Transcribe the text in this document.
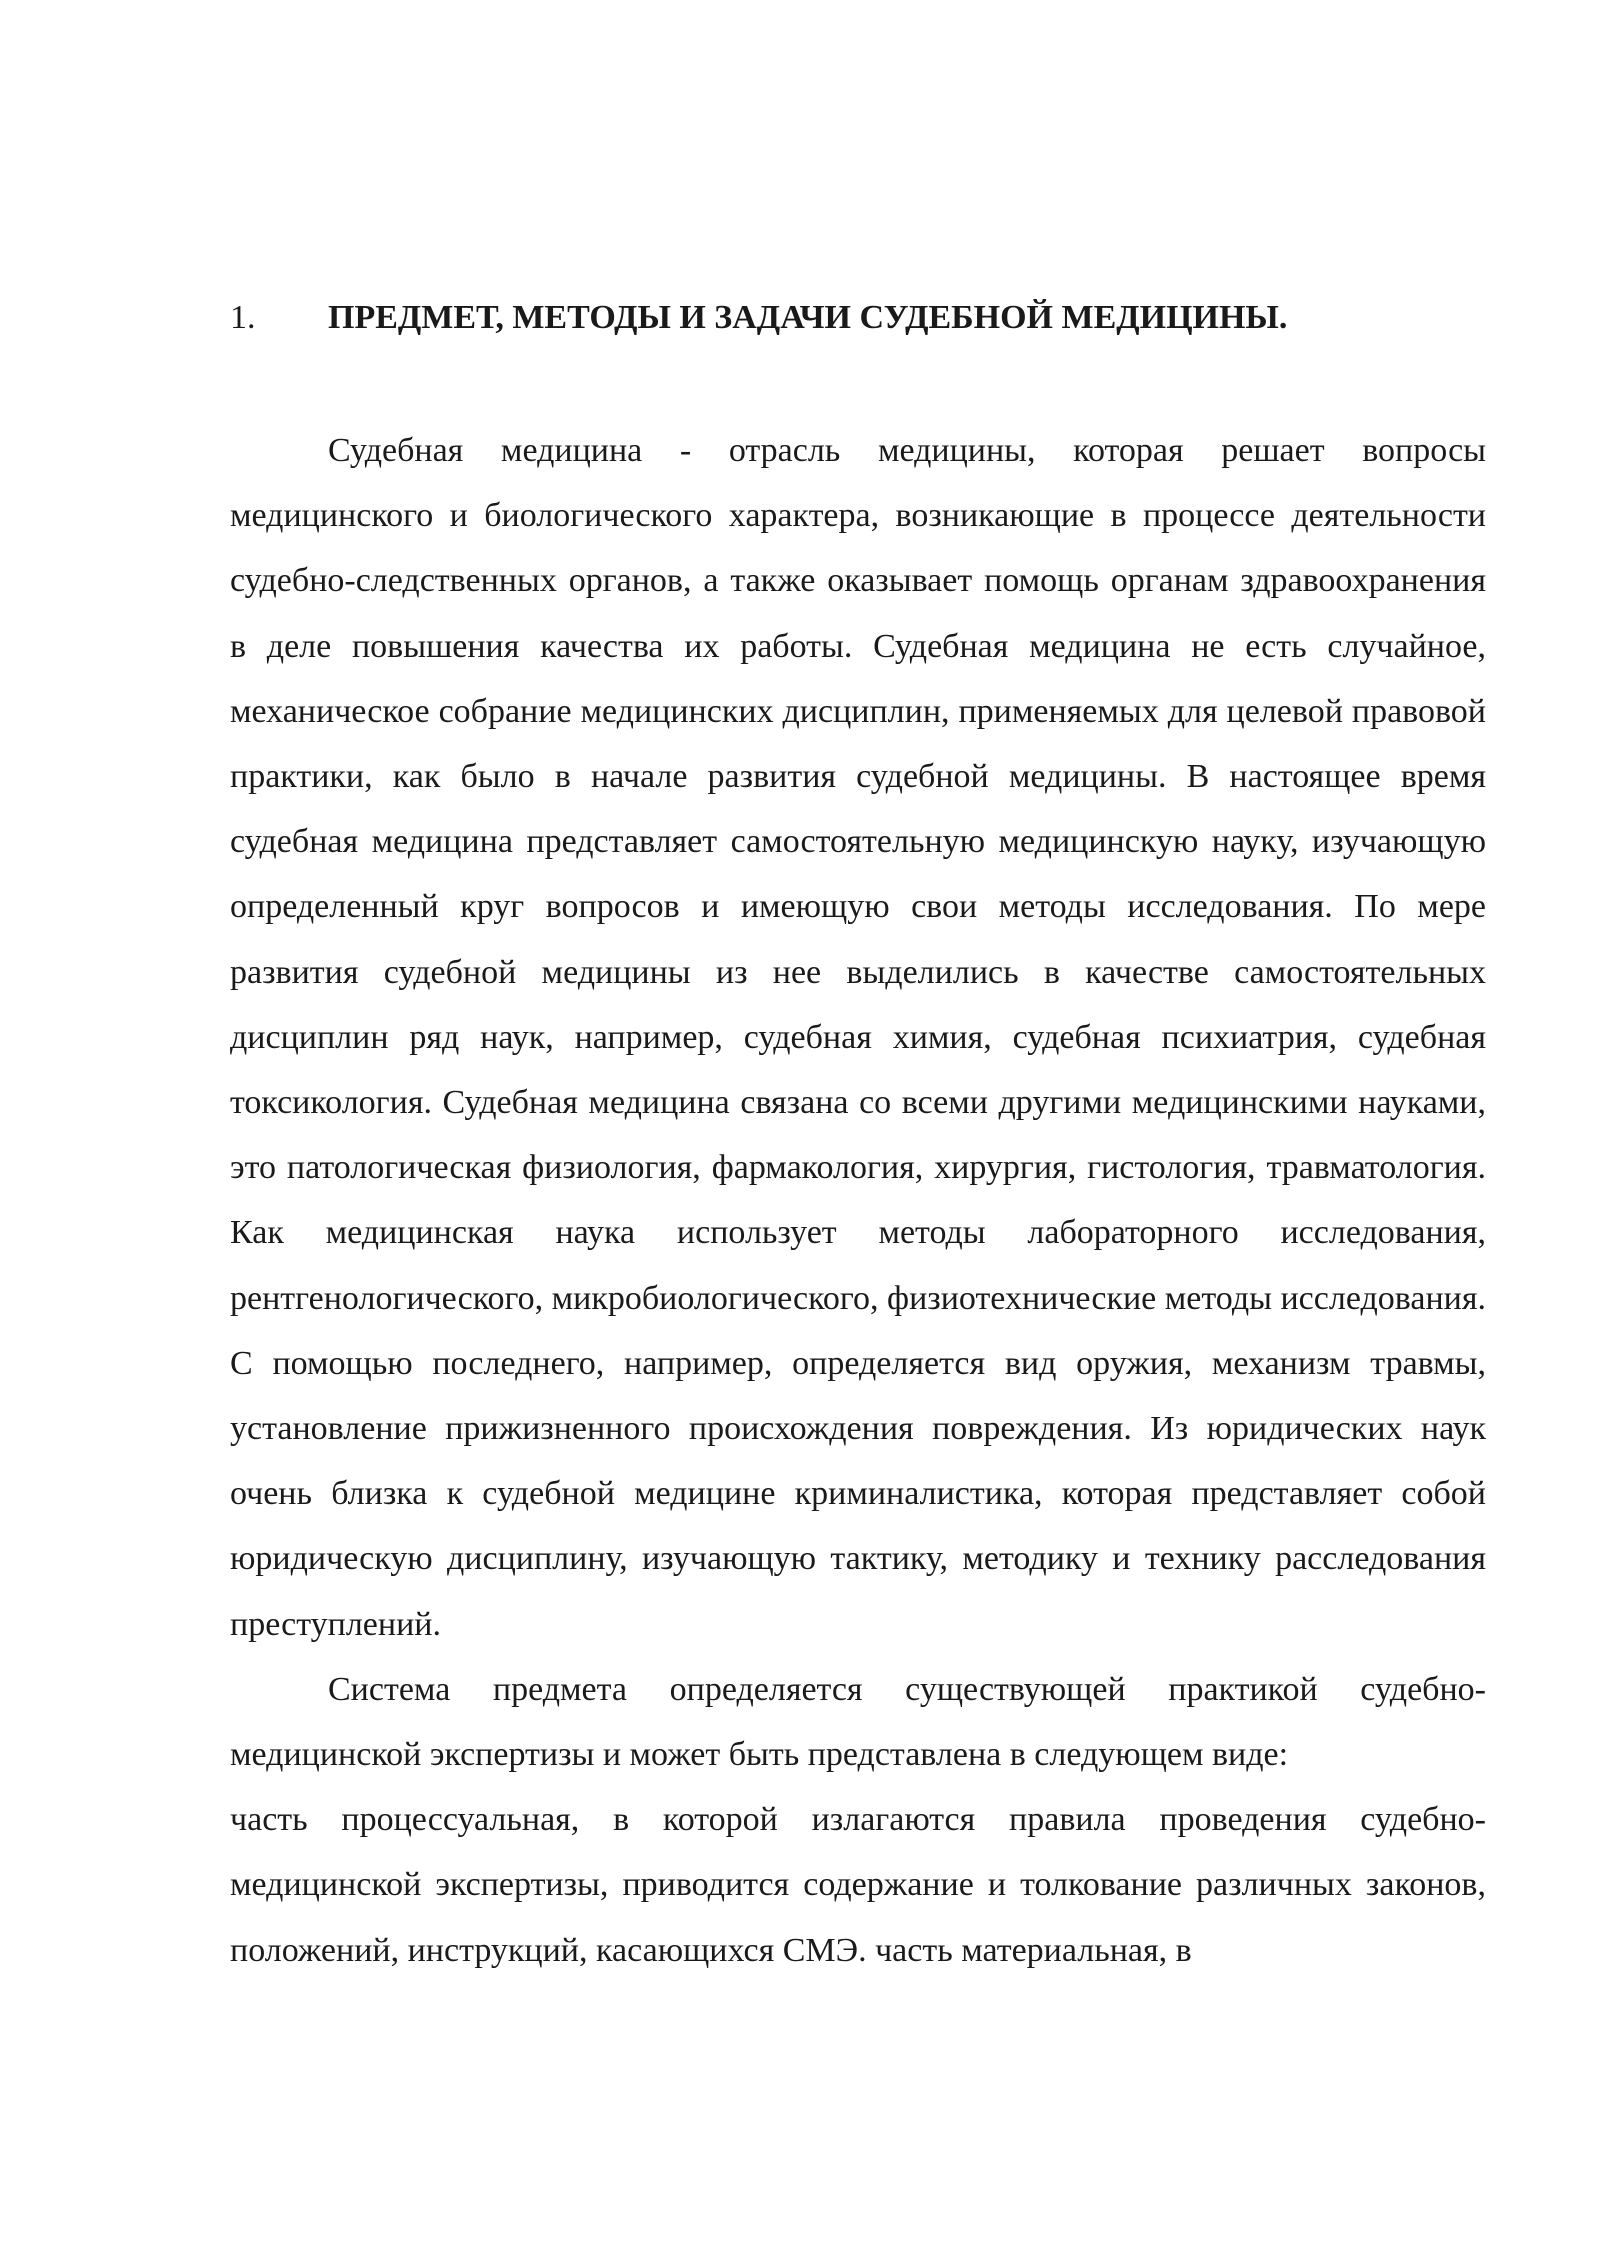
1. ПРЕДМЕТ, МЕТОДЫ И ЗАДАЧИ СУДЕБНОЙ МЕДИЦИНЫ.

Судебная медицина - отрасль медицины, которая решает вопросы медицинского и биологического характера, возникающие в процессе деятельности судебно-следственных органов, а также оказывает помощь органам здравоохранения в деле повышения качества их работы. Судебная медицина не есть случайное, механическое собрание медицинских дисциплин, применяемых для целевой правовой практики, как было в начале развития судебной медицины. В настоящее время судебная медицина представляет самостоятельную медицинскую науку, изучающую определенный круг вопросов и имеющую свои методы исследования. По мере развития судебной медицины из нее выделились в качестве самостоятельных дисциплин ряд наук, например, судебная химия, судебная психиатрия, судебная токсикология. Судебная медицина связана со всеми другими медицинскими науками, это патологическая физиология, фармакология, хирургия, гистология, травматология. Как медицинская наука использует методы лабораторного исследования, рентгенологического, микробиологического, физиотехнические методы исследования. С помощью последнего, например, определяется вид оружия, механизм травмы, установление прижизненного происхождения повреждения. Из юридических наук очень близка к судебной медицине криминалистика, которая представляет собой юридическую дисциплину, изучающую тактику, методику и технику расследования преступлений.

Система предмета определяется существующей практикой судебно-медицинской экспертизы и может быть представлена в следующем виде:

часть процессуальная, в которой излагаются правила проведения судебно-медицинской экспертизы, приводится содержание и толкование различных законов, положений, инструкций, касающихся СМЭ. часть материальная, в
